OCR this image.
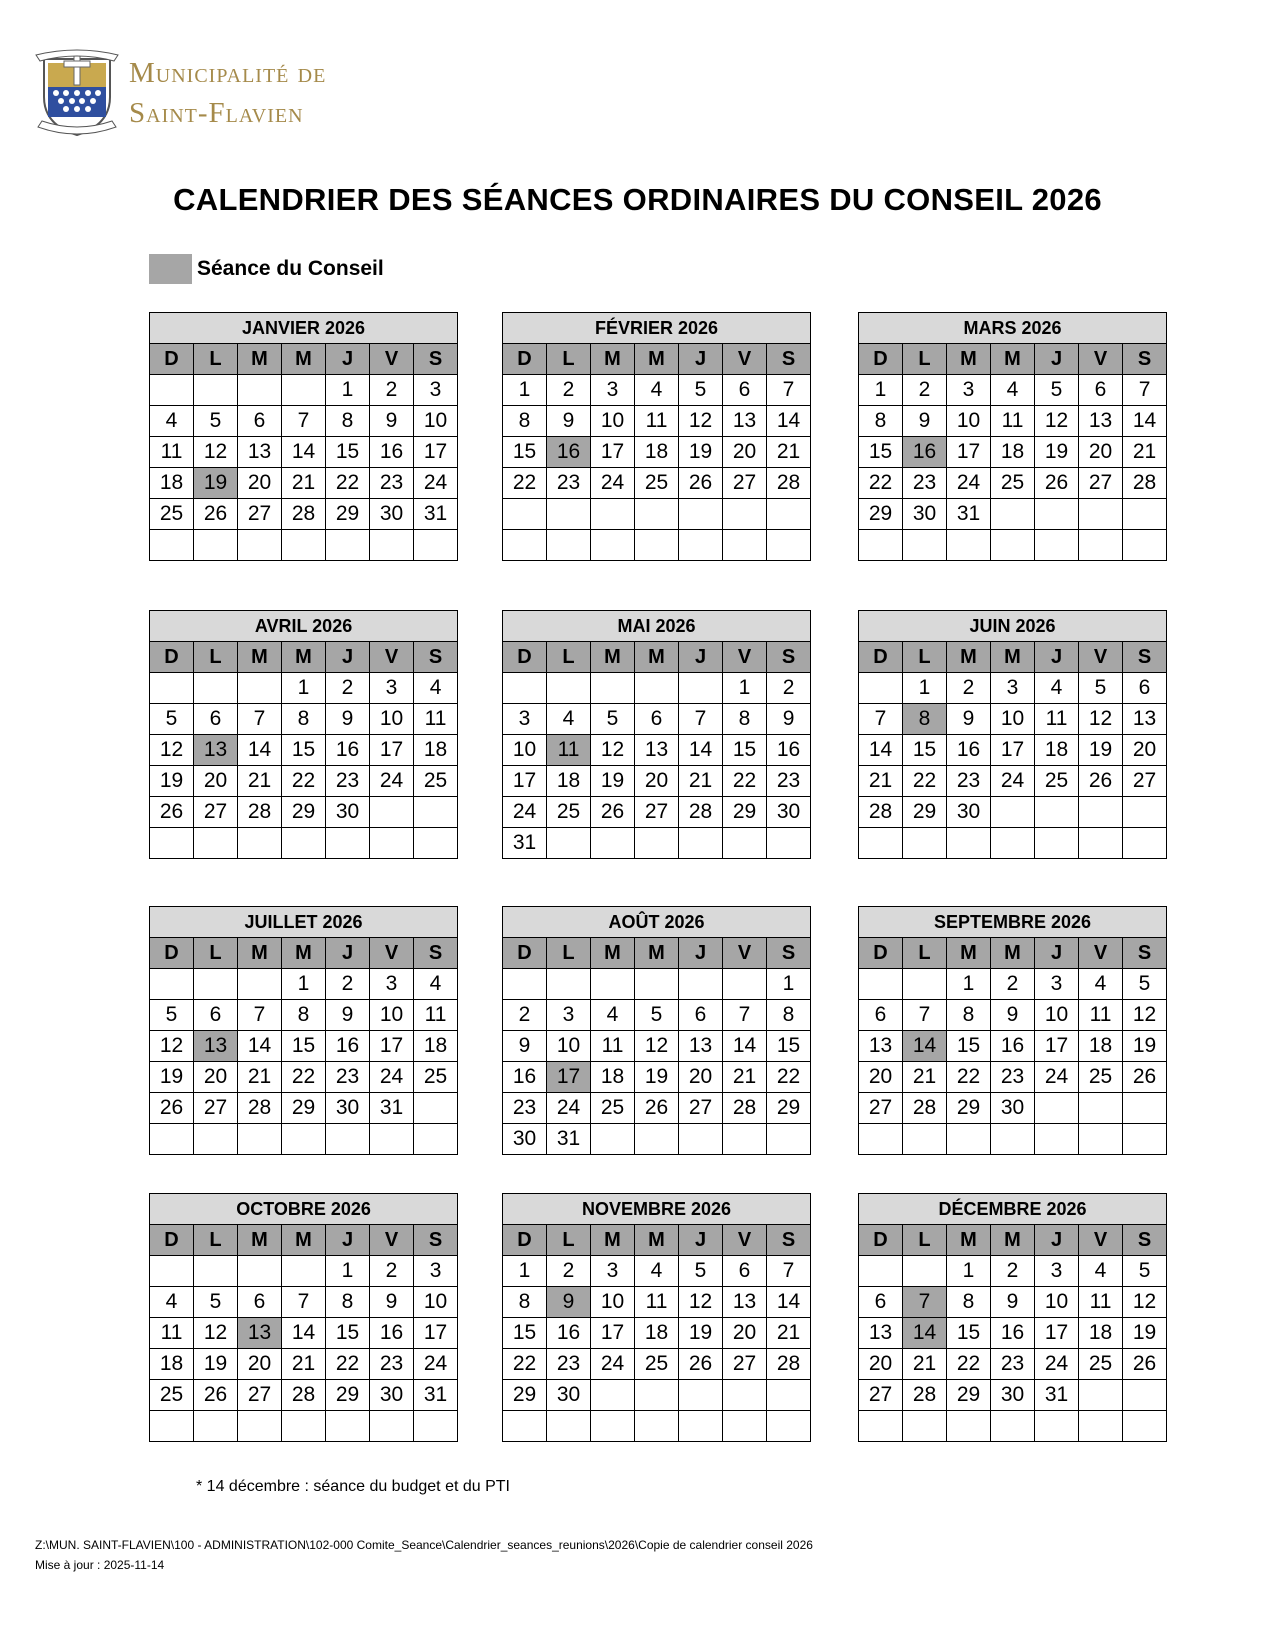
Municipalité de
Saint-Flavien
CALENDRIER DES SÉANCES ORDINAIRES DU CONSEIL 2026
Séance du Conseil
JANVIER 2026						
D	L	M	M	J	V	S
				1	2	3
4	5	6	7	8	9	10
11	12	13	14	15	16	17
18	19	20	21	22	23	24
25	26	27	28	29	30	31

FÉVRIER 2026						
D	L	M	M	J	V	S
1	2	3	4	5	6	7
8	9	10	11	12	13	14
15	16	17	18	19	20	21
22	23	24	25	26	27	28

MARS 2026						
D	L	M	M	J	V	S
1	2	3	4	5	6	7
8	9	10	11	12	13	14
15	16	17	18	19	20	21
22	23	24	25	26	27	28
29	30	31				

AVRIL 2026						
D	L	M	M	J	V	S
			1	2	3	4
5	6	7	8	9	10	11
12	13	14	15	16	17	18
19	20	21	22	23	24	25
26	27	28	29	30		

MAI 2026						
D	L	M	M	J	V	S
					1	2
3	4	5	6	7	8	9
10	11	12	13	14	15	16
17	18	19	20	21	22	23
24	25	26	27	28	29	30
31						
JUIN 2026						
D	L	M	M	J	V	S
	1	2	3	4	5	6
7	8	9	10	11	12	13
14	15	16	17	18	19	20
21	22	23	24	25	26	27
28	29	30				

JUILLET 2026						
D	L	M	M	J	V	S
			1	2	3	4
5	6	7	8	9	10	11
12	13	14	15	16	17	18
19	20	21	22	23	24	25
26	27	28	29	30	31	

AOÛT 2026						
D	L	M	M	J	V	S
						1
2	3	4	5	6	7	8
9	10	11	12	13	14	15
16	17	18	19	20	21	22
23	24	25	26	27	28	29
30	31					
SEPTEMBRE 2026						
D	L	M	M	J	V	S
		1	2	3	4	5
6	7	8	9	10	11	12
13	14	15	16	17	18	19
20	21	22	23	24	25	26
27	28	29	30			

OCTOBRE 2026						
D	L	M	M	J	V	S
				1	2	3
4	5	6	7	8	9	10
11	12	13	14	15	16	17
18	19	20	21	22	23	24
25	26	27	28	29	30	31

NOVEMBRE 2026						
D	L	M	M	J	V	S
1	2	3	4	5	6	7
8	9	10	11	12	13	14
15	16	17	18	19	20	21
22	23	24	25	26	27	28
29	30					

DÉCEMBRE 2026						
D	L	M	M	J	V	S
		1	2	3	4	5
6	7	8	9	10	11	12
13	14	15	16	17	18	19
20	21	22	23	24	25	26
27	28	29	30	31		

* 14 décembre : séance du budget et du PTI
Z:\MUN. SAINT-FLAVIEN\100 - ADMINISTRATION\102-000 Comite_Seance\Calendrier_seances_reunions\2026\Copie de calendrier conseil 2026
Mise à jour : 2025-11-14
